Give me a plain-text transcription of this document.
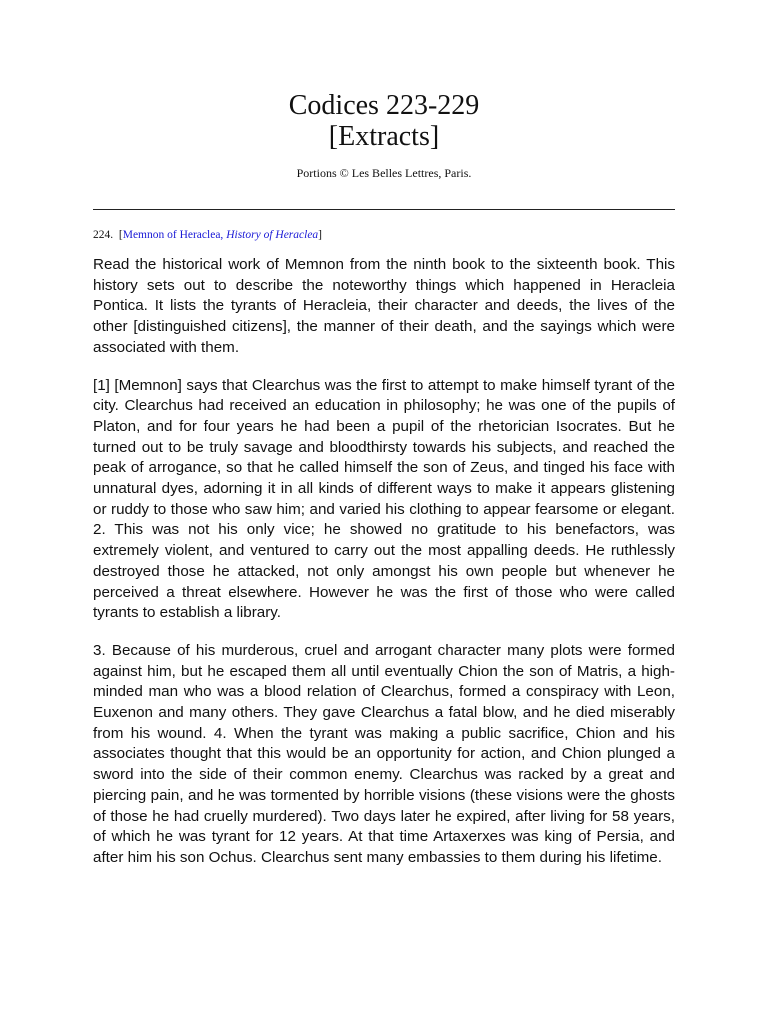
Codices 223-229
[Extracts]
Portions © Les Belles Lettres, Paris.
224. [Memnon of Heraclea, History of Heraclea]

Read the historical work of Memnon from the ninth book to the sixteenth book. This history sets out to describe the noteworthy things which happened in Heracleia Pontica. It lists the tyrants of Heracleia, their character and deeds, the lives of the other [distinguished citizens], the manner of their death, and the sayings which were associated with them.

[1] [Memnon] says that Clearchus was the first to attempt to make himself tyrant of the city. Clearchus had received an education in philosophy; he was one of the pupils of Platon, and for four years he had been a pupil of the rhetorician Isocrates. But he turned out to be truly savage and bloodthirsty towards his subjects, and reached the peak of arrogance, so that he called himself the son of Zeus, and tinged his face with unnatural dyes, adorning it in all kinds of different ways to make it appears glistening or ruddy to those who saw him; and varied his clothing to appear fearsome or elegant. 2. This was not his only vice; he showed no gratitude to his benefactors, was extremely violent, and ventured to carry out the most appalling deeds. He ruthlessly destroyed those he attacked, not only amongst his own people but whenever he perceived a threat elsewhere. However he was the first of those who were called tyrants to establish a library.

3. Because of his murderous, cruel and arrogant character many plots were formed against him, but he escaped them all until eventually Chion the son of Matris, a high-minded man who was a blood relation of Clearchus, formed a conspiracy with Leon, Euxenon and many others. They gave Clearchus a fatal blow, and he died miserably from his wound. 4. When the tyrant was making a public sacrifice, Chion and his associates thought that this would be an opportunity for action, and Chion plunged a sword into the side of their common enemy. Clearchus was racked by a great and piercing pain, and he was tormented by horrible visions (these visions were the ghosts of those he had cruelly murdered). Two days later he expired, after living for 58 years, of which he was tyrant for 12 years. At that time Artaxerxes was king of Persia, and after him his son Ochus. Clearchus sent many embassies to them during his lifetime.
